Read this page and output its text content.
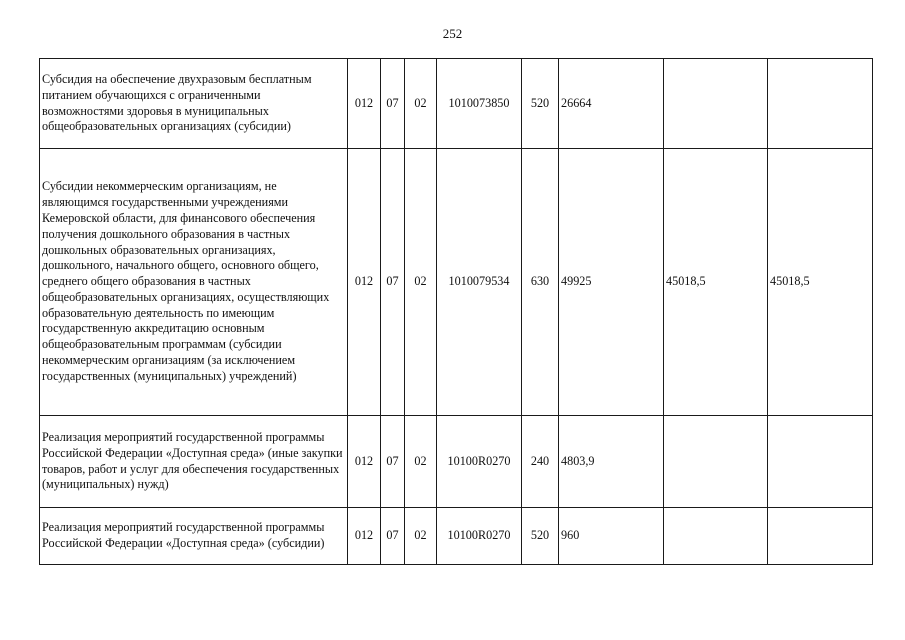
252
Субсидия на обеспечение двухразовым бесплатным питанием обучающихся с ограниченными возможностями здоровья в муниципальных общеобразовательных организациях (субсидии)	012	07	02	1010073850	520	26664		
Субсидии некоммерческим организациям, не являющимся государственными учреждениями Кемеровской области, для финансового обеспечения получения дошкольного образования в частных дошкольных образовательных организациях, дошкольного, начального общего, основного общего, среднего общего образования в частных общеобразовательных организациях, осуществляющих образовательную деятельность по имеющим государственную аккредитацию основным общеобразовательным программам (субсидии некоммерческим организациям (за исключением государственных (муниципальных) учреждений)	012	07	02	1010079534	630	49925	45018,5	45018,5
Реализация мероприятий государственной программы Российской Федерации «Доступная среда» (иные закупки товаров, работ и услуг для обеспечения государственных (муниципальных) нужд)	012	07	02	10100R0270	240	4803,9		
Реализация мероприятий государственной программы Российской Федерации «Доступная среда» (субсидии)	012	07	02	10100R0270	520	960		
